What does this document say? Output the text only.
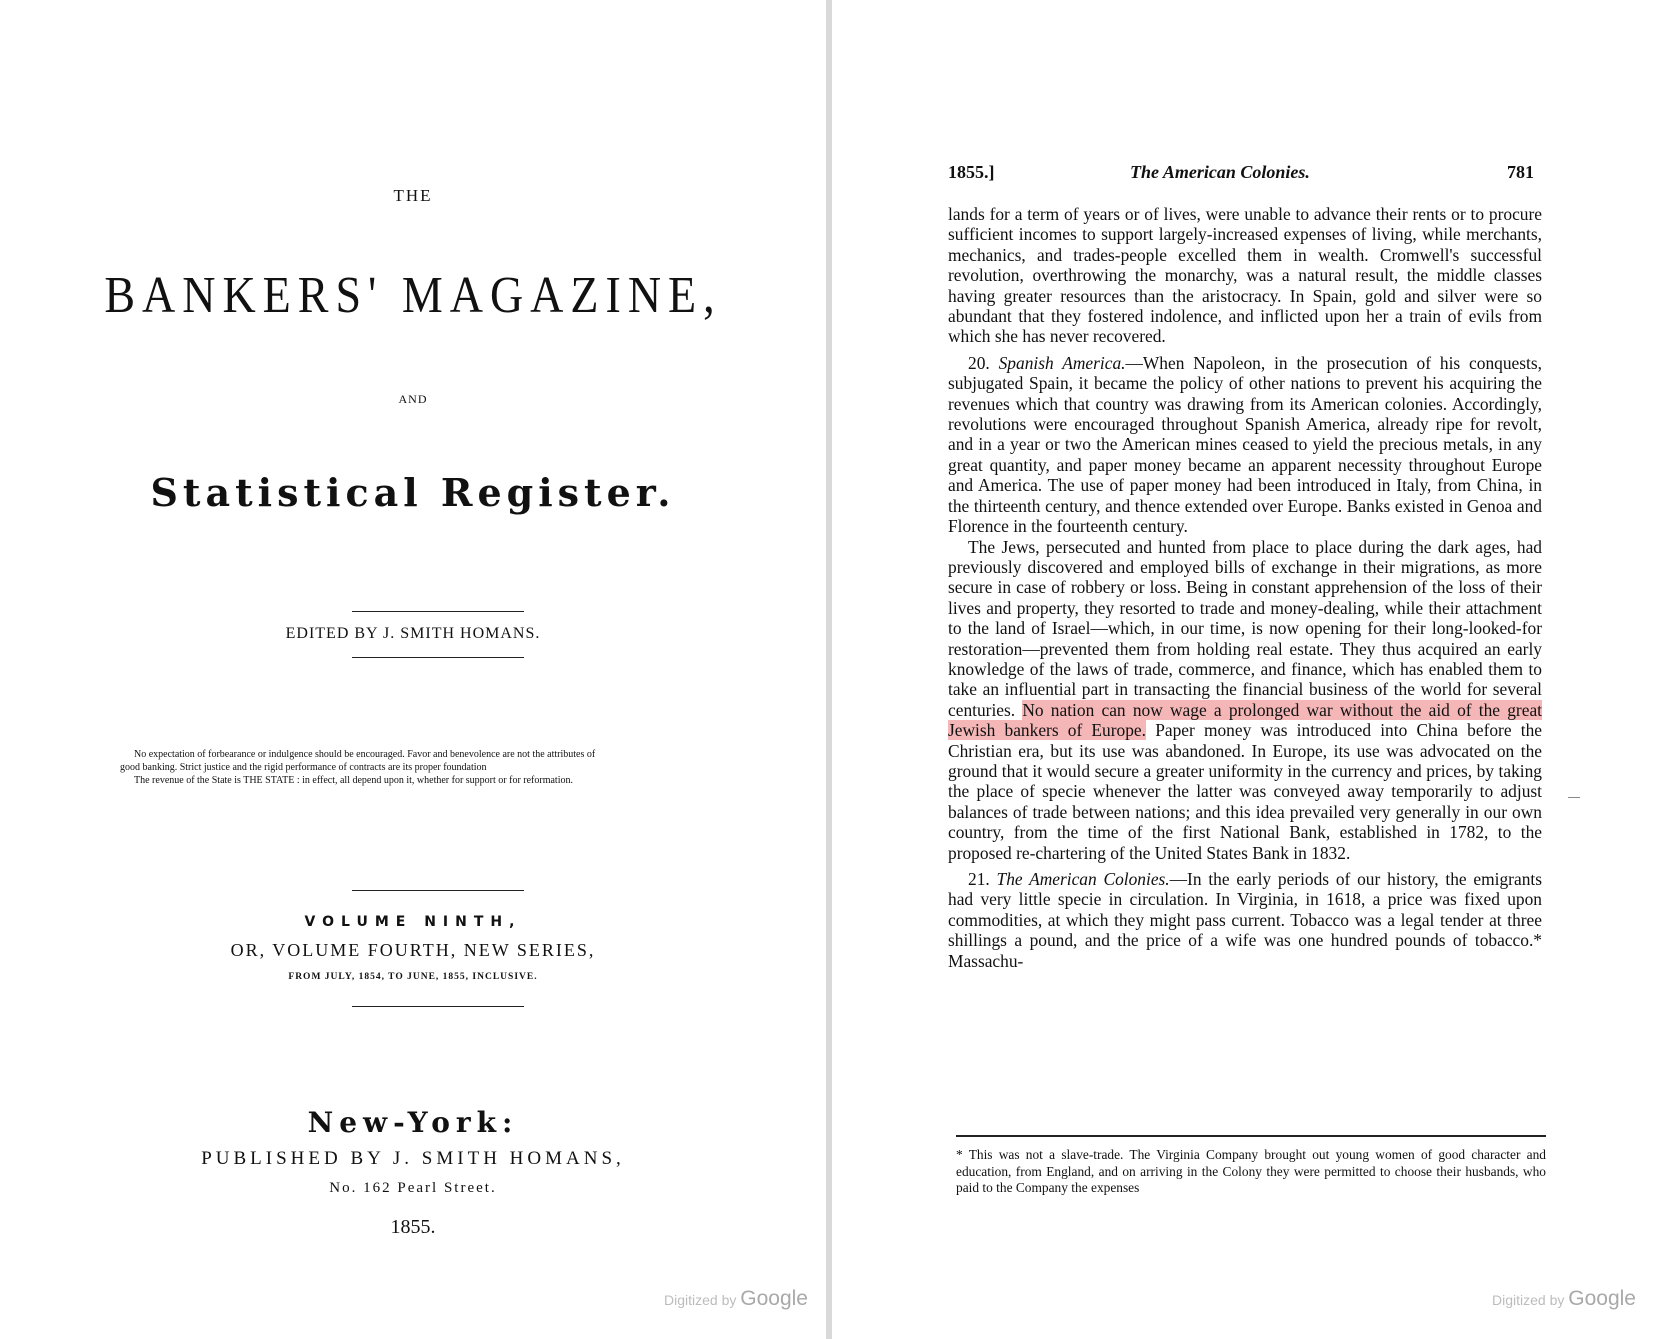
THE
BANKERS' MAGAZINE,
AND
Statistical Register.
EDITED BY J. SMITH HOMANS.

No expectation of forbearance or indulgence should be encouraged. Favor and benevolence are not the attributes of

good banking. Strict justice and the rigid performance of contracts are its proper foundation

The revenue of the State is THE STATE : in effect, all depend upon it, whether for support or for reformation.

VOLUME NINTH,
OR, VOLUME FOURTH, NEW SERIES,
FROM JULY, 1854, TO JUNE, 1855, INCLUSIVE.
New-York:
PUBLISHED BY J. SMITH HOMANS,
No. 162 Pearl Street.
1855.
Digitized by Google
1855.]	The American Colonies.	781

lands for a term of years or of lives, were unable to advance their rents or to procure sufficient incomes to support largely-increased expenses of living, while merchants, mechanics, and trades-people excelled them in wealth. Cromwell's successful revolution, overthrowing the monarchy, was a natural result, the middle classes having greater resources than the aristocracy. In Spain, gold and silver were so abundant that they fostered indolence, and inflicted upon her a train of evils from which she has never recovered.

20. Spanish America.—When Napoleon, in the prosecution of his conquests, subjugated Spain, it became the policy of other nations to prevent his acquiring the revenues which that country was drawing from its American colonies. Accordingly, revolutions were encouraged throughout Spanish America, already ripe for revolt, and in a year or two the American mines ceased to yield the precious metals, in any great quantity, and paper money became an apparent necessity throughout Europe and America. The use of paper money had been introduced in Italy, from China, in the thirteenth century, and thence extended over Europe. Banks existed in Genoa and Florence in the fourteenth century.

The Jews, persecuted and hunted from place to place during the dark ages, had previously discovered and employed bills of exchange in their migrations, as more secure in case of robbery or loss. Being in constant apprehension of the loss of their lives and property, they resorted to trade and money-dealing, while their attachment to the land of Israel—which, in our time, is now opening for their long-looked-for restoration—prevented them from holding real estate. They thus acquired an early knowledge of the laws of trade, commerce, and finance, which has enabled them to take an influential part in transacting the financial business of the world for several centuries. No nation can now wage a prolonged war without the aid of the great Jewish bankers of Europe. Paper money was introduced into China before the Christian era, but its use was abandoned. In Europe, its use was advocated on the ground that it would secure a greater uniformity in the currency and prices, by taking the place of specie whenever the latter was conveyed away temporarily to adjust balances of trade between nations; and this idea prevailed very generally in our own country, from the time of the first National Bank, established in 1782, to the proposed re-chartering of the United States Bank in 1832.

21. The American Colonies.—In the early periods of our history, the emigrants had very little specie in circulation. In Virginia, in 1618, a price was fixed upon commodities, at which they might pass current. Tobacco was a legal tender at three shillings a pound, and the price of a wife was one hundred pounds of tobacco.* Massachu-

* This was not a slave-trade. The Virginia Company brought out young women of good character and education, from England, and on arriving in the Colony they were permitted to choose their husbands, who paid to the Company the expenses

Digitized by Google
